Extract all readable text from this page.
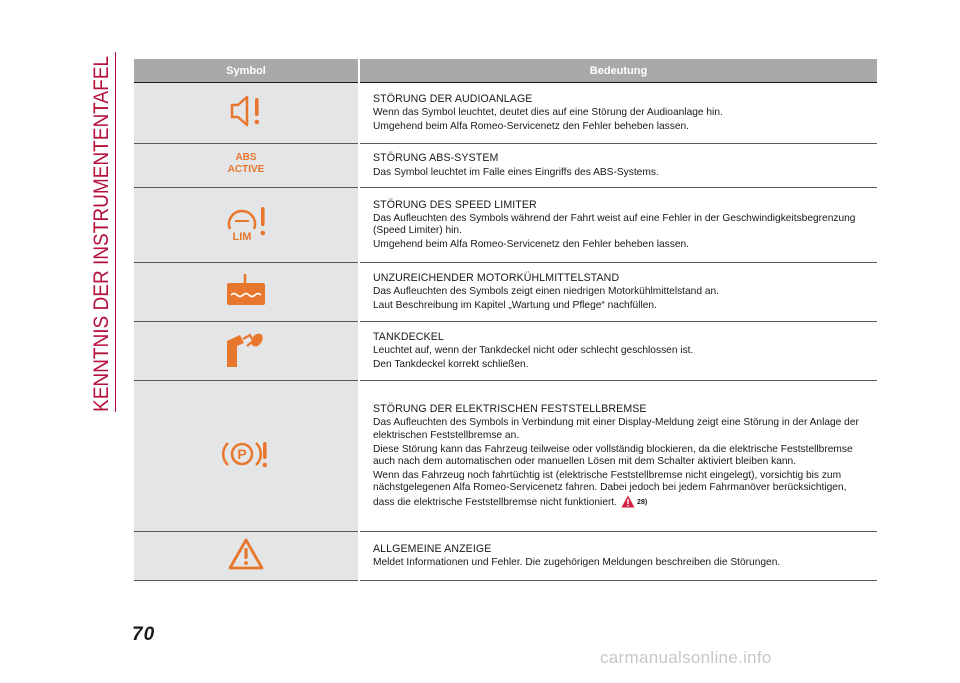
KENNTNIS DER INSTRUMENTENTAFEL	Symbol	Bedeutung

STÖRUNG DER AUDIOANLAGE
Wenn das Symbol leuchtet, deutet dies auf eine Störung der Audioanlage hin.
Umgehend beim Alfa Romeo-Servicenetz den Fehler beheben lassen.

ABS
ACTIVE	STÖRUNG ABS-SYSTEM
Das Symbol leuchtet im Falle eines Eingriffs des ABS-Systems.

LIM	STÖRUNG DES SPEED LIMITER
Das Aufleuchten des Symbols während der Fahrt weist auf eine Fehler in der Geschwindigkeitsbegrenzung (Speed Limiter) hin.
Umgehend beim Alfa Romeo-Servicenetz den Fehler beheben lassen.

UNZUREICHENDER MOTORKÜHLMITTELSTAND
Das Aufleuchten des Symbols zeigt einen niedrigen Motorkühlmittelstand an.
Laut Beschreibung im Kapitel „Wartung und Pflege“ nachfüllen.

TANKDECKEL
Leuchtet auf, wenn der Tankdeckel nicht oder schlecht geschlossen ist.
Den Tankdeckel korrekt schließen.

P	STÖRUNG DER ELEKTRISCHEN FESTSTELLBREMSE
Das Aufleuchten des Symbols in Verbindung mit einer Display-Meldung zeigt eine Störung in der Anlage der elektrischen Feststellbremse an.
Diese Störung kann das Fahrzeug teilweise oder vollständig blockieren, da die elektrische Feststellbremse auch nach dem automatischen oder manuellen Lösen mit dem Schalter aktiviert bleiben kann.
Wenn das Fahrzeug noch fahrtüchtig ist (elektrische Feststellbremse nicht eingelegt), vorsichtig bis zum nächstgelegenen Alfa Romeo-Servicenetz fahren. Dabei jedoch bei jedem Fahrmanöver berücksichtigen, dass die elektrische Feststellbremse nicht funktioniert. 28)

ALLGEMEINE ANZEIGE
Meldet Informationen und Fehler. Die zugehörigen Meldungen beschreiben die Störungen.
70
carmanualsonline.info
